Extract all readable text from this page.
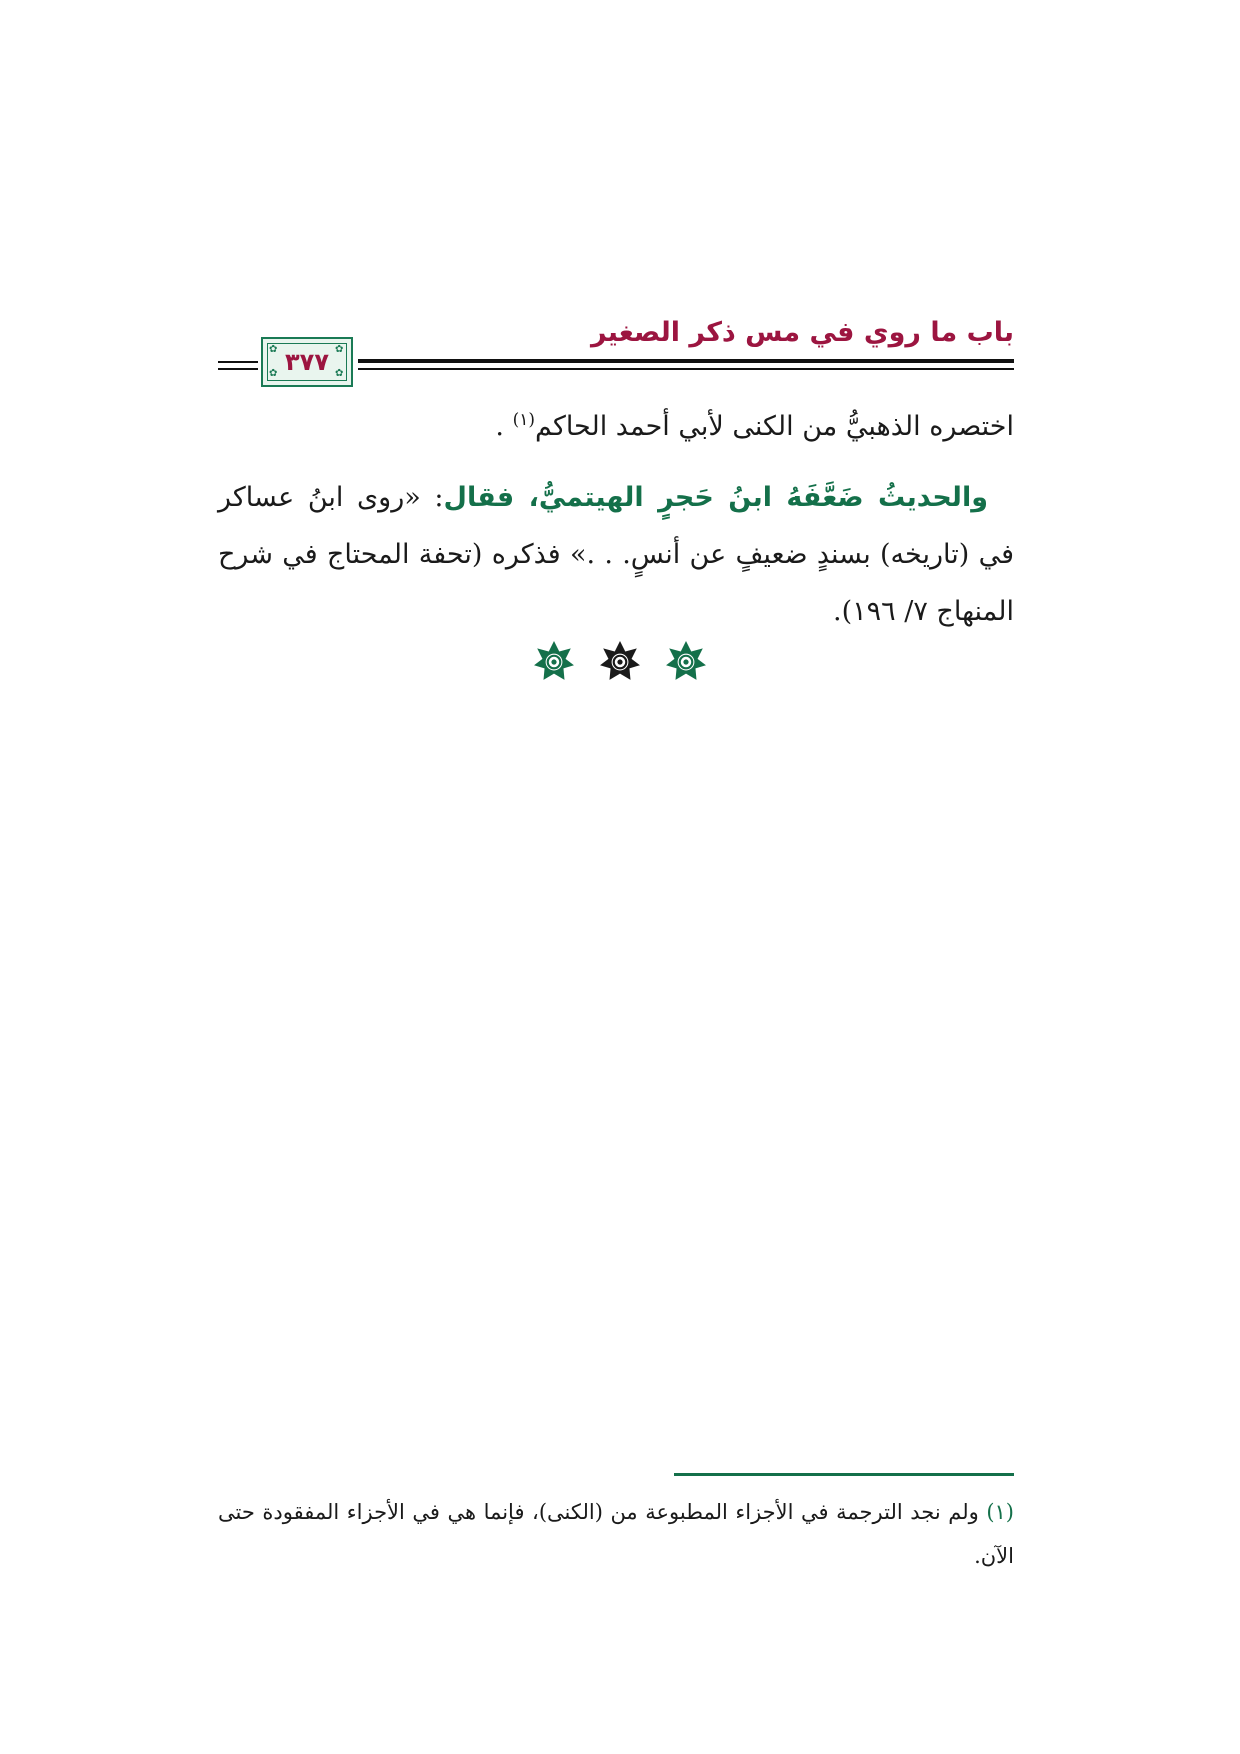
باب ما روي في مس ذكر الصغير
✿	✿
✿	✿
٣٧٧

اختصره الذهبيُّ من الكنى لأبي أحمد الحاكم$^{(١)}$ .

والحديثُ ضَعَّفَهُ ابنُ حَجرٍ الهيتميُّ، فقال: «روى ابنُ عساكر في (تاريخه) بسندٍ ضعيفٍ عن أنسٍ. . .» فذكره (تحفة المحتاج في شرح المنهاج ٧/ ١٩٦).

(١) ولم نجد الترجمة في الأجزاء المطبوعة من (الكنى)، فإنما هي في الأجزاء المفقودة حتى الآن.
